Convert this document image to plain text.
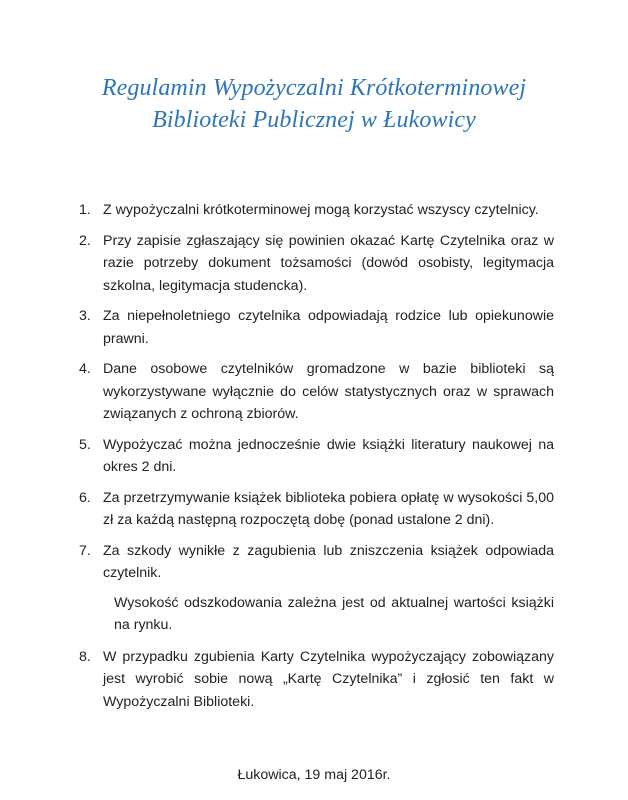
Regulamin Wypożyczalni Krótkoterminowej
Biblioteki Publicznej w Łukowicy
1. Z wypożyczalni krótkoterminowej mogą korzystać wszyscy czytelnicy.
2. Przy zapisie zgłaszający się powinien okazać Kartę Czytelnika oraz w razie potrzeby dokument tożsamości (dowód osobisty, legitymacja szkolna, legitymacja studencka).
3. Za niepełnoletniego czytelnika odpowiadają rodzice lub opiekunowie prawni.
4. Dane osobowe czytelników gromadzone w bazie biblioteki są wykorzystywane wyłącznie do celów statystycznych oraz w sprawach związanych z ochroną zbiorów.
5. Wypożyczać można jednocześnie dwie książki literatury naukowej na okres 2 dni.
6. Za przetrzymywanie książek biblioteka pobiera opłatę w wysokości 5,00 zł za każdą następną rozpoczętą dobę (ponad ustalone 2 dni).
7. Za szkody wynikłe z zagubienia lub zniszczenia książek odpowiada czytelnik.
Wysokość odszkodowania zależna jest od aktualnej wartości książki na rynku.
8. W przypadku zgubienia Karty Czytelnika wypożyczający zobowiązany jest wyrobić sobie nową „Kartę Czytelnika” i zgłosić ten fakt w Wypożyczalni Biblioteki.
Łukowica, 19 maj 2016r.
